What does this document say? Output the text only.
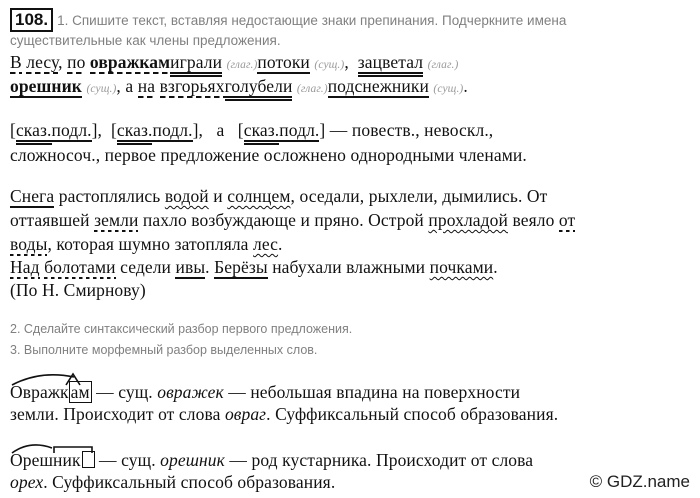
108. 1. Спишите текст, вставляя недостающие знаки препинания. Подчеркните имена
существительные как члены предложения.
В лесу, по овражкамиграли (глаг.)потоки (сущ.), зацветал (глаг.)
орешник (сущ.), а на взгорьяхголубели (глаг.)подснежники (сущ.).
[сказ.подл.], [сказ.подл.], а [сказ.подл.] — повеств., невоскл.,
сложносоч., первое предложение осложнено однородными членами.
Снега растоплялись водой и солнцем, оседали, рыхлели, дымились. От
оттаявшей земли пахло возбуждающе и пряно. Острой прохладой веяло от
воды, которая шумно затопляла лес.
Над болотами седели ивы. Берёзы набухали влажными почками.
(По Н. Смирнову)
2. Сделайте синтаксический разбор первого предложения.
3. Выполните морфемный разбор выделенных слов.
Оврaжк ам — сущ. оврaжек — небольшая впадина на поверхности
земли. Происходит от слова овраг. Суффиксальный способ образования.
Орешник — сущ. орешник — род кустарника. Происходит от слова
орех. Суффиксальный способ образования.	© GDZ.name
